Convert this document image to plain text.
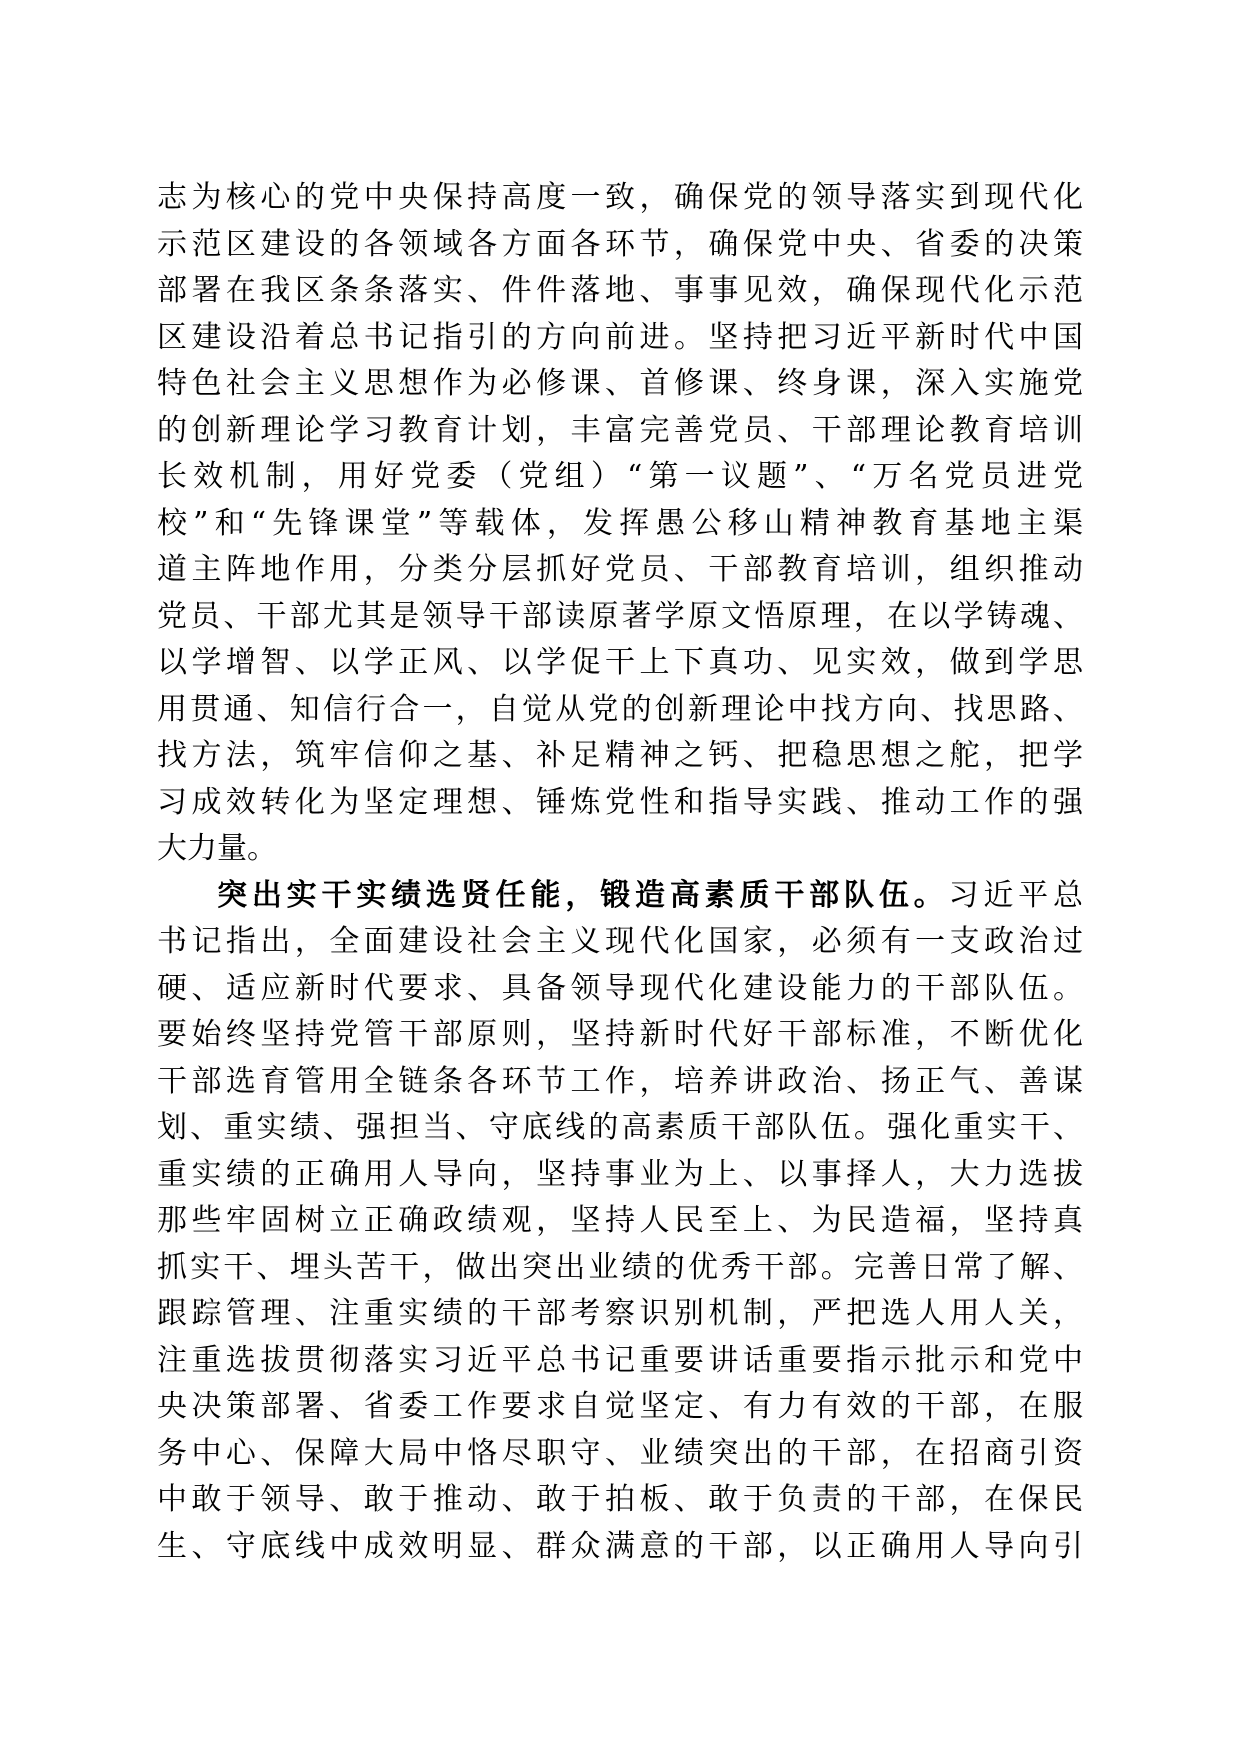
志为核心的党中央保持高度一致，确保党的领导落实到现代化
示范区建设的各领域各方面各环节，确保党中央、省委的决策
部署在我区条条落实、件件落地、事事见效，确保现代化示范
区建设沿着总书记指引的方向前进。坚持把习近平新时代中国
特色社会主义思想作为必修课、首修课、终身课，深入实施党
的创新理论学习教育计划，丰富完善党员、干部理论教育培训
长效机制，用好党委（党组）“第一议题”、“万名党员进党
校”和“先锋课堂”等载体，发挥愚公移山精神教育基地主渠
道主阵地作用，分类分层抓好党员、干部教育培训，组织推动
党员、干部尤其是领导干部读原著学原文悟原理，在以学铸魂、
以学增智、以学正风、以学促干上下真功、见实效，做到学思
用贯通、知信行合一，自觉从党的创新理论中找方向、找思路、
找方法，筑牢信仰之基、补足精神之钙、把稳思想之舵，把学
习成效转化为坚定理想、锤炼党性和指导实践、推动工作的强
大力量。
突出实干实绩选贤任能，锻造高素质干部队伍。习近平总
书记指出，全面建设社会主义现代化国家，必须有一支政治过
硬、适应新时代要求、具备领导现代化建设能力的干部队伍。
要始终坚持党管干部原则，坚持新时代好干部标准，不断优化
干部选育管用全链条各环节工作，培养讲政治、扬正气、善谋
划、重实绩、强担当、守底线的高素质干部队伍。强化重实干、
重实绩的正确用人导向，坚持事业为上、以事择人，大力选拔
那些牢固树立正确政绩观，坚持人民至上、为民造福，坚持真
抓实干、埋头苦干，做出突出业绩的优秀干部。完善日常了解、
跟踪管理、注重实绩的干部考察识别机制，严把选人用人关，
注重选拔贯彻落实习近平总书记重要讲话重要指示批示和党中
央决策部署、省委工作要求自觉坚定、有力有效的干部，在服
务中心、保障大局中恪尽职守、业绩突出的干部，在招商引资
中敢于领导、敢于推动、敢于拍板、敢于负责的干部，在保民
生、守底线中成效明显、群众满意的干部，以正确用人导向引
